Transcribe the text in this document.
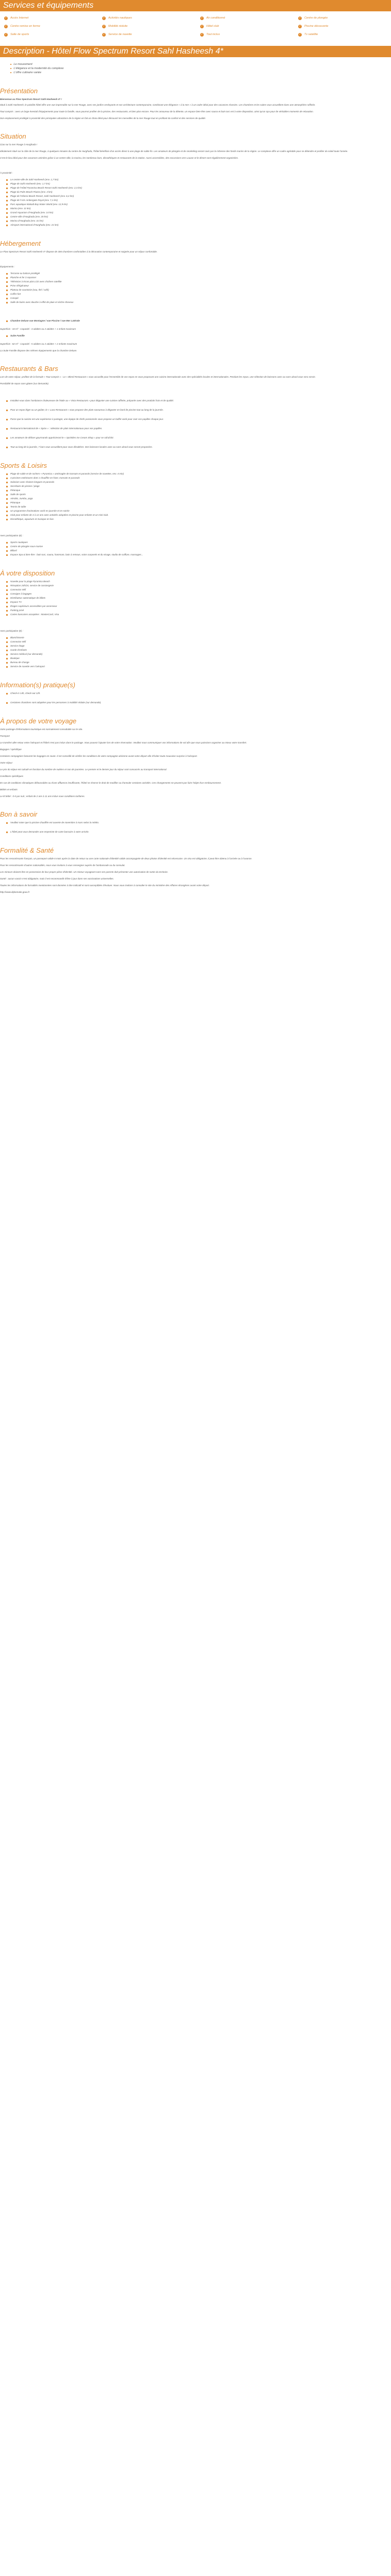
Services et équipements
✓ Accès Internet	✓ Activités nautiques	✓ Air conditionné	✓ Centre de plongée
✓ Centre remise en forme	✓ Mobilité réduite	✓ Hôtel club	✓ Piscine découverte
✓ Salle de sports	✓ Service de navette	✓ Tout inclus	✓ Tv satellite
Description - Hôtel Flow Spectrum Resort Sahl Hasheesh 4*
■ Le mouvement
■ L'élégance et la modernité du complexe
■ L'offre culinaire variée
Présentation

Bienvenue au Flow Spectrum Resort Sahl Hasheesh 4* !

Situé à Sahl Hasheesh, le paisible hôtel offre une vue imprenable sur la mer Rouge, avec ses jardins verdoyants et son architecture contemporaine, combinant une élégance « à la mer » à un cadre idéal pour des vacances réussies. Les chambres et les suites vous accueillent dans une atmosphère raffinée.

Tout compris : avec un large éventail d'équipements pour toute la famille, vous pourrez profiter de la piscine, des restaurants, et bien plus encore. Pour les amoureux de la détente, un espace bien-être avec sauna et bain turc est à votre disposition, ainsi qu'un spa pour de véritables moments de relaxation.

Son emplacement privilégié à proximité des principales attractions de la région en fait un choix idéal pour découvrir les merveilles de la mer Rouge tout en profitant du confort et des services de qualité.

Situation

Ciao sur la mer Rouge à Hurghada !

Idéalement situé sur la côte de la mer Rouge, à quelques minutes du centre de Hurghada, l'hôtel bénéficie d'un accès direct à une plage de sable fin. Les amateurs de plongée et de snorkeling seront ravis par la richesse des fonds marins de la région. Le complexe offre un cadre agréable pour se détendre et profiter du soleil toute l'année.

C'est le lieu idéal pour des vacances animées grâce à un centre-ville, la marina, les nombreux bars, discothèques et restaurants de la station. Aussi accessibles, des excursions vers Louxor et le désert sont régulièrement organisées.

À proximité :

Le centre-ville de Sahl Hasheesh (env. 1,7 km)
Plage de Sahl Hasheesh (env. 1,7 km)
Plage de l'Hôtel Pyramisa Beach Resort Sahl Hasheesh (env. 2,3 km)
Plage du Palm Beach Piazza (env. 4 km)
Plage de l'Oberoi Beach Resort, Sahl Hasheesh (env. 6,2 km)
Plage de l'Arts Ambergate Royal (env. 7,1 km)
Parc aquatique Makadi Bay Water World (env. 12,9 km)
Marina (env. 11 km)
Grand Aquarium d'Hurghada (env. 14 km)
Centre-ville d'Hurghada (env. 20 km)
Marina d'Hurghada (env. 31 km)
Aéroport international d'Hurghada (env. 21 km)
Hébergement

Le Flow Spectrum Resort Sahl Hasheesh 4* dispose de 306 chambres confortables à la décoration contemporaine et soignée pour un séjour confortable.

Équipements :

Terrasse ou balcon privilégié
Planche et fer à repasser
Télévision à écran plat LCD avec chaînes satellite
Prise réfrigérateur
Plateau de courtoisie (eau, thé / café)
Coffre-fort
Canapé
Salle de bains avec douche à effet de pluie et sèche-cheveux
Chambre Deluxe vue Montagne / vue Piscine / vue Mer Latérale

Superficie : 34 m² - Capacité : 3 adultes ou 2 adultes + 1 enfant maximum

Suite Famille

Superficie : 82 m² - Capacité : 5 adultes ou 2 adultes + 2 enfants maximum

La Suite Famille dispose des mêmes équipements que la chambre Deluxe.

Restaurants & Bars

Lors de votre séjour, profitez de la formule « Tout compris » : Le « Blend Restaurant » vous accueille pour l'ensemble de vos repas en vous proposant une cuisine internationale avec des spécialités locales et internationales. Pendant les repas, une sélection de boissons avec ou sans alcool vous sera servie.

Possibilité de repas sans gluten (sur demande).

Installez-vous dans l'ambiance chaleureuse de l'Italie au « Vista Restaurant » pour déguster une cuisine raffinée, préparée avec des produits frais et de qualité.
Pour un repas léger ou un goûter, le « Lava Restaurant » vous propose des plats savoureux à déguster en bord de piscine tout au long de la journée.
Parce que la cuisine est une expérience à partager, une équipe de chefs passionnés vous propose un buffet varié pour ravir vos papilles chaque jour.
Restaurant international de « Spice » : sélection de plats internationaux pour vos papilles.
Les amateurs de délices gourmands apprécieront le « Sprinkles Ice Cream Shop » pour se rafraîchir.
Tout au long de la journée, 7 bars vous accueillent pour vous désaltérer. Des boissons locales avec ou sans alcool vous seront proposées.
Sports & Loisirs
Plage de sable et de rochers « Pyramisa » aménagée de transats et parasols (service de navettes, env. 4 min)
4 piscines extérieures dont 1 chauffée en hiver, transats et parasols
Solarium avec chaises longues et parasols
Secrétaire de piscine / plage
Pétanque
Salle de sports
Aérobic, zumba, yoga
Pétanque
Tennis de table
Un programme d'animations varié en journée et en soirée
Club pour enfants de 4 à 12 ans avec activités adaptées et piscine pour enfants et un mini-club.
Discothèque, aquarium et musique en live.

Avec participation (€) :

Sports nautiques
Centre de plongée sous-marine
Billard
Espace Spa & bien-être : bain turc, sauna, hammam, bain à remous, soins corporels et du visage, studio de coiffure, massages...
À votre disposition
Navette pour la plage Pyramisa Beach
Réception 24h/24, service de conciergerie
Connexion Wifi
Consigne à bagages
Distributeur automatique de billets
Espace TV
Étages supérieurs accessibles par ascenseur
Parking privé
Cartes bancaires acceptées : MasterCard, Visa

Avec participation (€) :

Blanchisserie
Connexion Wifi
Service étage
Garde d'enfants
Service médical (sur demande)
Boutique
Bureau de change
Service de navette vers l'aéroport
Information(s) pratique(s)
Check-in 14h, check-out 12h.
Certaines chambres sont adaptées pour les personnes à mobilité réduite (sur demande).
À propos de votre voyage

Votre package d'informations touristique est normalement consultable sur le site.

Transport

Le transfert aller-retour entre l'aéroport et l'hôtel n'est pas inclus dans le package. Vous pouvez l'ajouter lors de votre réservation. Veuillez nous communiquer vos informations de vol afin que nous puissions organiser au mieux votre transfert.

Bagages / spécifique

Certaines compagnies facturent les bagages en soute. Il est conseillé de vérifier les conditions de votre compagnie aérienne avant votre départ afin d'éviter toute mauvaise surprise à l'aéroport.

Votre séjour

Le prix du séjour est calculé en fonction du nombre de nuitées et non de journées. Le premier et le dernier jour du séjour sont consacrés au transport international.

Conditions spécifiques

En cas de conditions climatiques défavorables ou d'une affluence insuffisante, l'hôtel se réserve le droit de modifier ou d'annuler certaines activités. Ces changements ne peuvent pas faire l'objet d'un remboursement.

Bébés et enfants

Le lit bébé : 0 € par nuit ; enfant de 2 ans à 11 ans inclus sous conditions tarifaires.

Bon à savoir
Veuillez noter que la piscine chauffée est ouverte de novembre à mars selon la météo.
L'hôtel peut vous demander une empreinte de carte bancaire à votre arrivée.
Formalité & Santé

Pour les ressortissants français, un passeport valide 6 mois après la date de retour ou une carte nationale d'identité valide accompagnée de deux photos d'identité est nécessaire. Un visa est obligatoire, il peut être obtenu à l'arrivée ou à l'avance.

Pour les ressortissants d'autres nationalités, nous vous invitons à vous renseigner auprès de l'ambassade ou du consulat.

Les mineurs doivent être en possession de leur propre pièce d'identité. Un mineur voyageant sans ses parents doit présenter une autorisation de sortie du territoire.

Santé : aucun vaccin n'est obligatoire, mais il est recommandé d'être à jour dans ses vaccinations universelles.

Toutes les informations de formalités mentionnées sont données à titre indicatif et sont susceptibles d'évoluer. Nous vous invitons à consulter le site du ministère des Affaires étrangères avant votre départ.

http://www.diplomatie.gouv.fr
